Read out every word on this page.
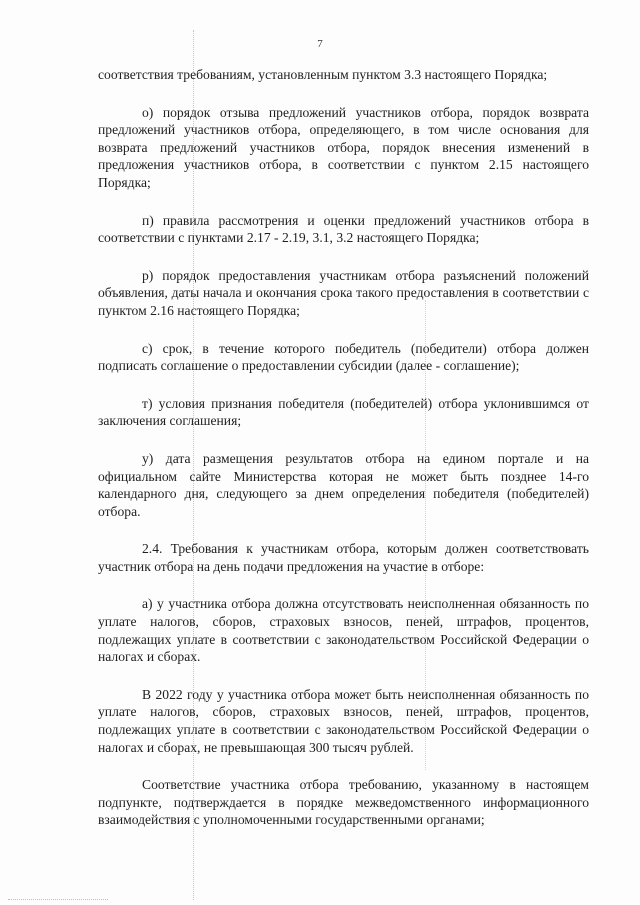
7

соответствия требованиям, установленным пунктом 3.3 настоящего Порядка;

о) порядок отзыва предложений участников отбора, порядок возврата предложений участников отбора, определяющего, в том числе основания для возврата предложений участников отбора, порядок внесения изменений в предложения участников отбора, в соответствии с пунктом 2.15 настоящего Порядка;

п) правила рассмотрения и оценки предложений участников отбора в соответствии с пунктами 2.17 - 2.19, 3.1, 3.2 настоящего Порядка;

р) порядок предоставления участникам отбора разъяснений положений объявления, даты начала и окончания срока такого предоставления в соответствии с пунктом 2.16 настоящего Порядка;

с) срок, в течение которого победитель (победители) отбора должен подписать соглашение о предоставлении субсидии (далее - соглашение);

т) условия признания победителя (победителей) отбора уклонившимся от заключения соглашения;

у) дата размещения результатов отбора на едином портале и на официальном сайте Министерства которая не может быть позднее 14-го календарного дня, следующего за днем определения победителя (победителей) отбора.

2.4. Требования к участникам отбора, которым должен соответствовать участник отбора на день подачи предложения на участие в отборе:

а) у участника отбора должна отсутствовать неисполненная обязанность по уплате налогов, сборов, страховых взносов, пеней, штрафов, процентов, подлежащих уплате в соответствии с законодательством Российской Федерации о налогах и сборах.

В 2022 году у участника отбора может быть неисполненная обязанность по уплате налогов, сборов, страховых взносов, пеней, штрафов, процентов, подлежащих уплате в соответствии с законодательством Российской Федерации о налогах и сборах, не превышающая 300 тысяч рублей.

Соответствие участника отбора требованию, указанному в настоящем подпункте, подтверждается в порядке межведомственного информационного взаимодействия с уполномоченными государственными органами;
